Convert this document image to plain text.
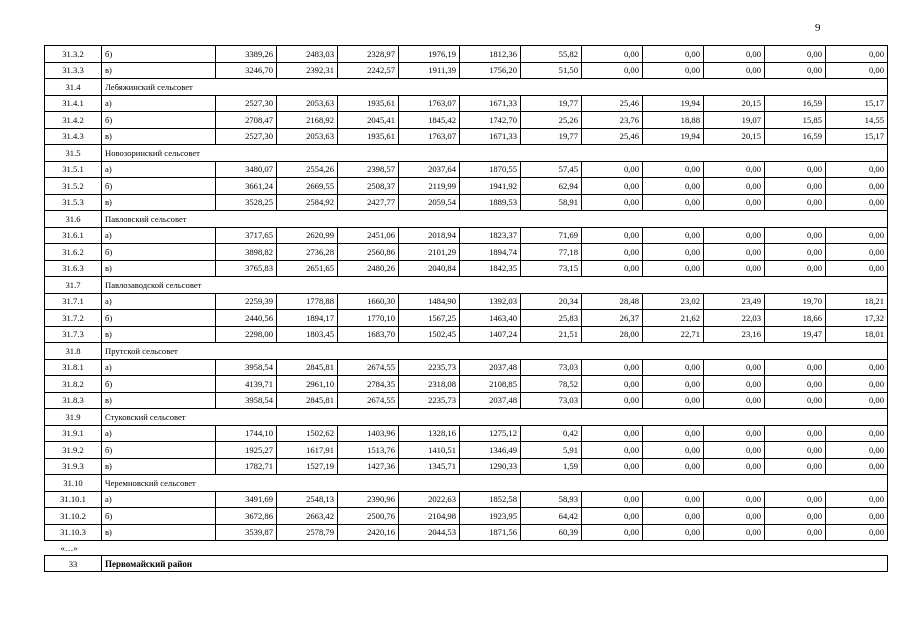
9
31.3.2	б)	3389,26	2483,03	2328,97	1976,19	1812,36	55,82	0,00	0,00	0,00	0,00	0,00
31.3.3	в)	3246,70	2392,31	2242,57	1911,39	1756,20	51,50	0,00	0,00	0,00	0,00	0,00
31.4	Лебяжинский сельсовет											
31.4.1	а)	2527,30	2053,63	1935,61	1763,07	1671,33	19,77	25,46	19,94	20,15	16,59	15,17
31.4.2	б)	2708,47	2168,92	2045,41	1845,42	1742,70	25,26	23,76	18,88	19,07	15,85	14,55
31.4.3	в)	2527,30	2053,63	1935,61	1763,07	1671,33	19,77	25,46	19,94	20,15	16,59	15,17
31.5	Новозоринский сельсовет											
31.5.1	а)	3480,07	2554,26	2398,57	2037,64	1870,55	57,45	0,00	0,00	0,00	0,00	0,00
31.5.2	б)	3661,24	2669,55	2508,37	2119,99	1941,92	62,94	0,00	0,00	0,00	0,00	0,00
31.5.3	в)	3528,25	2584,92	2427,77	2059,54	1889,53	58,91	0,00	0,00	0,00	0,00	0,00
31.6	Павловский сельсовет											
31.6.1	а)	3717,65	2620,99	2451,06	2018,94	1823,37	71,69	0,00	0,00	0,00	0,00	0,00
31.6.2	б)	3898,82	2736,28	2560,86	2101,29	1894,74	77,18	0,00	0,00	0,00	0,00	0,00
31.6.3	в)	3765,83	2651,65	2480,26	2040,84	1842,35	73,15	0,00	0,00	0,00	0,00	0,00
31.7	Павлозаводской сельсовет											
31.7.1	а)	2259,39	1778,88	1660,30	1484,90	1392,03	20,34	28,48	23,02	23,49	19,70	18,21
31.7.2	б)	2440,56	1894,17	1770,10	1567,25	1463,40	25,83	26,37	21,62	22,03	18,66	17,32
31.7.3	в)	2298,00	1803,45	1683,70	1502,45	1407,24	21,51	28,00	22,71	23,16	19,47	18,01
31.8	Прутской сельсовет											
31.8.1	а)	3958,54	2845,81	2674,55	2235,73	2037,48	73,03	0,00	0,00	0,00	0,00	0,00
31.8.2	б)	4139,71	2961,10	2784,35	2318,08	2108,85	78,52	0,00	0,00	0,00	0,00	0,00
31.8.3	в)	3958,54	2845,81	2674,55	2235,73	2037,48	73,03	0,00	0,00	0,00	0,00	0,00
31.9	Стуковский сельсовет											
31.9.1	а)	1744,10	1502,62	1403,96	1328,16	1275,12	0,42	0,00	0,00	0,00	0,00	0,00
31.9.2	б)	1925,27	1617,91	1513,76	1410,51	1346,49	5,91	0,00	0,00	0,00	0,00	0,00
31.9.3	в)	1782,71	1527,19	1427,36	1345,71	1290,33	1,59	0,00	0,00	0,00	0,00	0,00
31.10	Черемновский сельсовет											
31.10.1	а)	3491,69	2548,13	2390,96	2022,63	1852,58	58,93	0,00	0,00	0,00	0,00	0,00
31.10.2	б)	3672,86	2663,42	2500,76	2104,98	1923,95	64,42	0,00	0,00	0,00	0,00	0,00
31.10.3	в)	3539,87	2578,79	2420,16	2044,53	1871,56	60,39	0,00	0,00	0,00	0,00	0,00
«…»												
33	Первомайский район											
